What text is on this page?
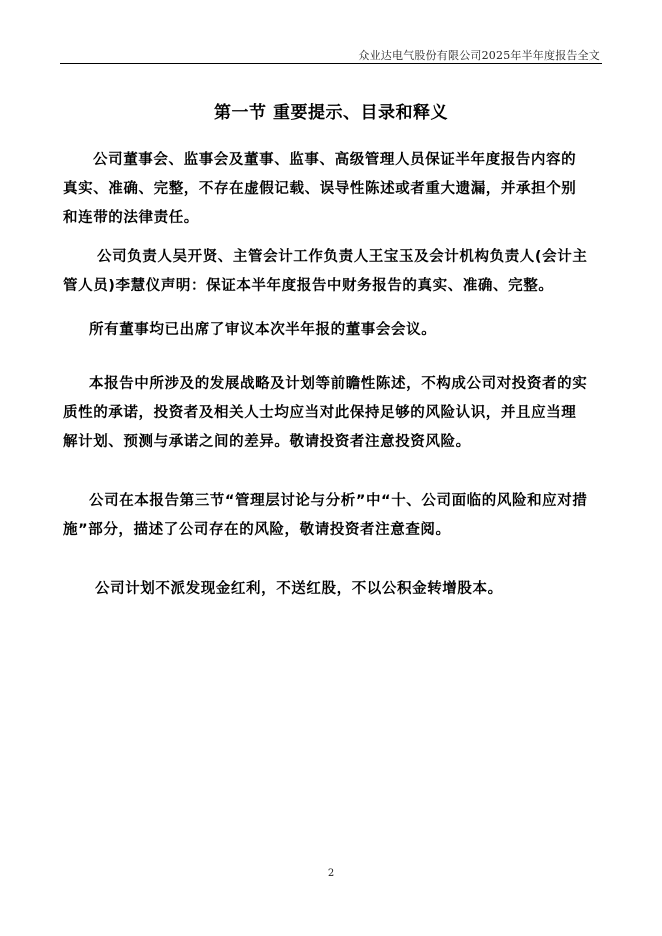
众业达电气股份有限公司2025年半年度报告全文
第一节 重要提示、目录和释义

公司董事会、监事会及董事、监事、高级管理人员保证半年度报告内容的真实、准确、完整，不存在虚假记载、误导性陈述或者重大遗漏，并承担个别和连带的法律责任。

公司负责人吴开贤、主管会计工作负责人王宝玉及会计机构负责人(会计主管人员)李慧仪声明：保证本半年度报告中财务报告的真实、准确、完整。

所有董事均已出席了审议本次半年报的董事会会议。

本报告中所涉及的发展战略及计划等前瞻性陈述，不构成公司对投资者的实质性的承诺，投资者及相关人士均应当对此保持足够的风险认识，并且应当理解计划、预测与承诺之间的差异。敬请投资者注意投资风险。

公司在本报告第三节“管理层讨论与分析”中“十、公司面临的风险和应对措施”部分，描述了公司存在的风险，敬请投资者注意查阅。

公司计划不派发现金红利，不送红股，不以公积金转增股本。

2
